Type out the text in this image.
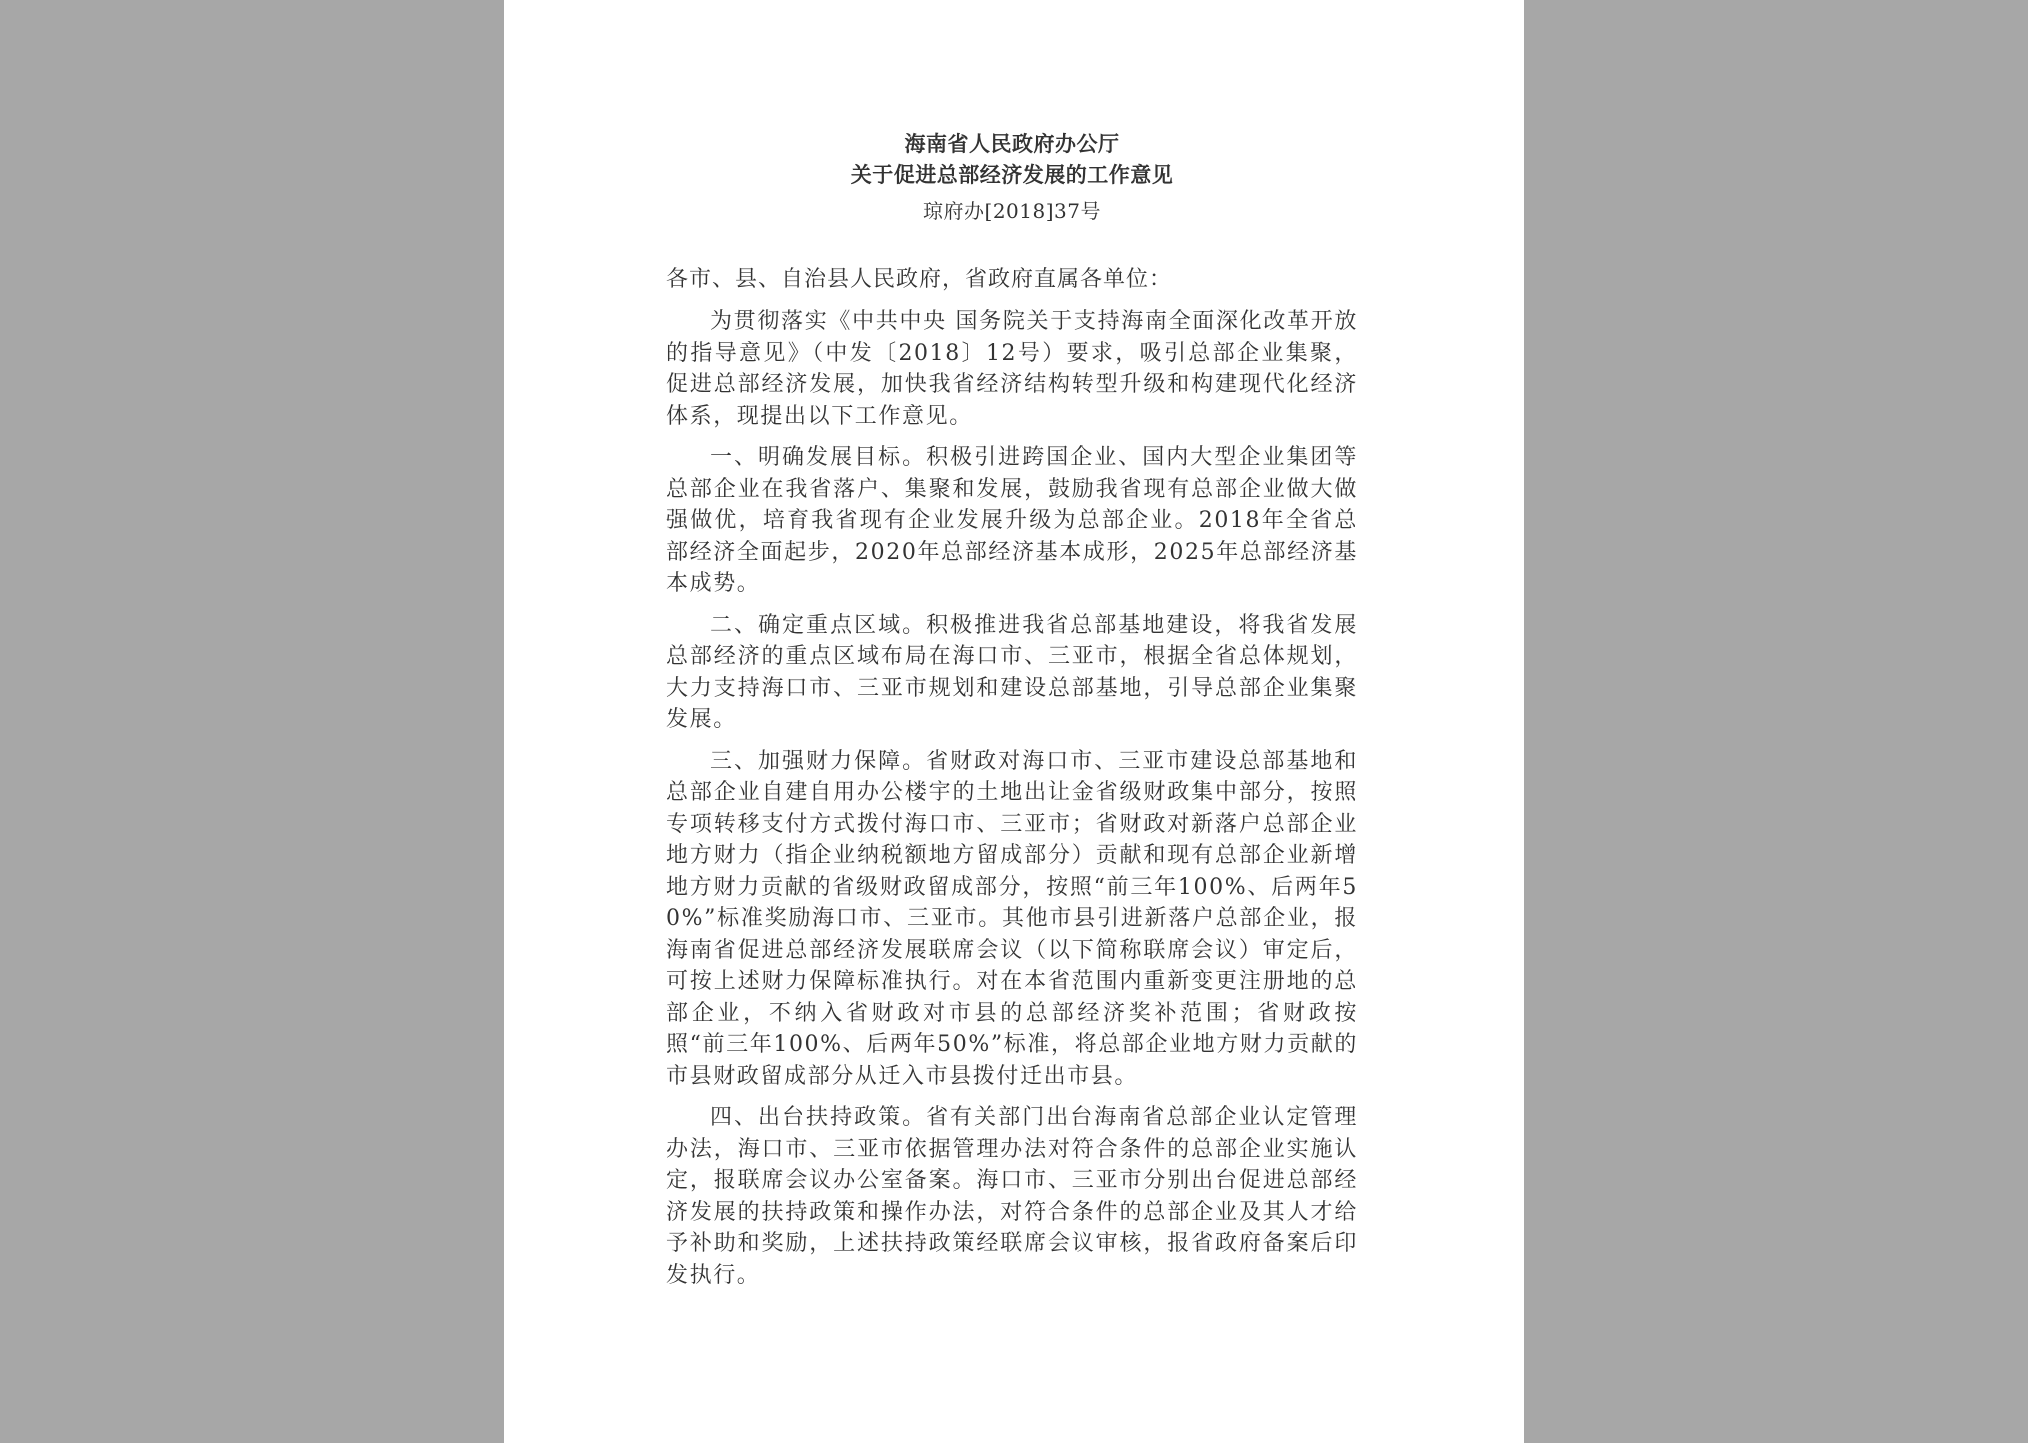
海南省人民政府办公厅

关于促进总部经济发展的工作意见

琼府办[2018]37号

各市、县、自治县人民政府，省政府直属各单位：

为贯彻落实《中共中央 国务院关于支持海南全面深化改革开放的指导意见》（中发〔2018〕12号）要求，吸引总部企业集聚，促进总部经济发展，加快我省经济结构转型升级和构建现代化经济体系，现提出以下工作意见。

一、明确发展目标。积极引进跨国企业、国内大型企业集团等总部企业在我省落户、集聚和发展，鼓励我省现有总部企业做大做强做优，培育我省现有企业发展升级为总部企业。2018年全省总部经济全面起步，2020年总部经济基本成形，2025年总部经济基本成势。

二、确定重点区域。积极推进我省总部基地建设，将我省发展总部经济的重点区域布局在海口市、三亚市，根据全省总体规划，大力支持海口市、三亚市规划和建设总部基地，引导总部企业集聚发展。

三、加强财力保障。省财政对海口市、三亚市建设总部基地和总部企业自建自用办公楼宇的土地出让金省级财政集中部分，按照专项转移支付方式拨付海口市、三亚市；省财政对新落户总部企业地方财力（指企业纳税额地方留成部分）贡献和现有总部企业新增地方财力贡献的省级财政留成部分，按照“前三年100%、后两年50%”标准奖励海口市、三亚市。其他市县引进新落户总部企业，报海南省促进总部经济发展联席会议（以下简称联席会议）审定后，可按上述财力保障标准执行。对在本省范围内重新变更注册地的总部企业，不纳入省财政对市县的总部经济奖补范围；省财政按照“前三年100%、后两年50%”标准，将总部企业地方财力贡献的市县财政留成部分从迁入市县拨付迁出市县。

四、出台扶持政策。省有关部门出台海南省总部企业认定管理办法，海口市、三亚市依据管理办法对符合条件的总部企业实施认定，报联席会议办公室备案。海口市、三亚市分别出台促进总部经济发展的扶持政策和操作办法，对符合条件的总部企业及其人才给予补助和奖励，上述扶持政策经联席会议审核，报省政府备案后印发执行。
